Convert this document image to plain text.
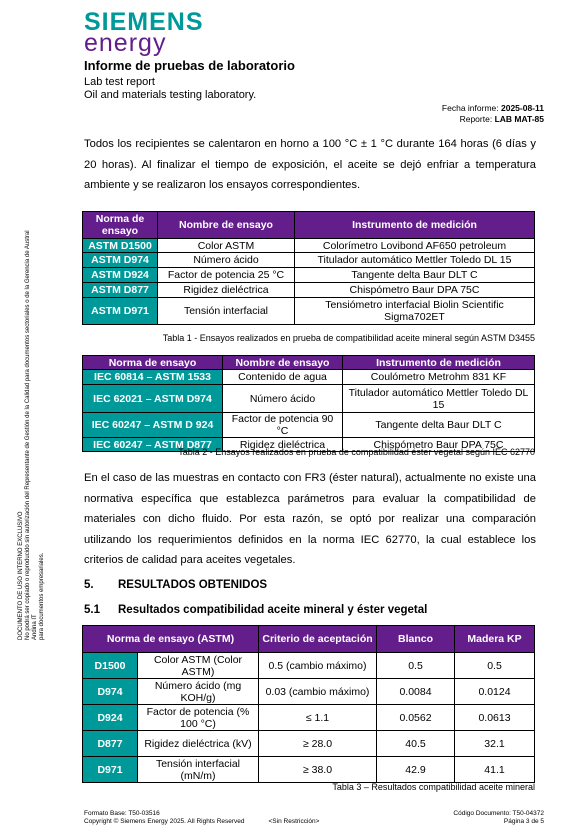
SIEMENS
energy
Informe de pruebas de laboratorio
Lab test report
Oil and materials testing laboratory.
Fecha informe: 2025-08-11
Reporte: LAB MAT-85
Todos los recipientes se calentaron en horno a 100 °C ± 1 °C durante 164 horas (6 días y 20 horas). Al finalizar el tiempo de exposición, el aceite se dejó enfriar a temperatura ambiente y se realizaron los ensayos correspondientes.
Norma de ensayo	Nombre de ensayo	Instrumento de medición
ASTM D1500	Color ASTM	Colorímetro Lovibond AF650 petroleum
ASTM D974	Número ácido	Titulador automático Mettler Toledo DL 15
ASTM D924	Factor de potencia 25 °C	Tangente delta Baur DLT C
ASTM D877	Rigidez dieléctrica	Chispómetro Baur DPA 75C
ASTM D971	Tensión interfacial	Tensiómetro interfacial Biolin Scientific Sigma702ET
Tabla 1 - Ensayos realizados en prueba de compatibilidad aceite mineral según ASTM D3455
Norma de ensayo	Nombre de ensayo	Instrumento de medición
IEC 60814 – ASTM 1533	Contenido de agua	Coulómetro Metrohm 831 KF
IEC 62021 – ASTM D974	Número ácido	Titulador automático Mettler Toledo DL 15
IEC 60247 – ASTM D 924	Factor de potencia 90 °C	Tangente delta Baur DLT C
IEC 60247 – ASTM D877	Rigidez dieléctrica	Chispómetro Baur DPA 75C
Tabla 2 - Ensayos realizados en prueba de compatibilidad éster vegetal según IEC 62770
En el caso de las muestras en contacto con FR3 (éster natural), actualmente no existe una normativa específica que establezca parámetros para evaluar la compatibilidad de materiales con dicho fluido. Por esta razón, se optó por realizar una comparación utilizando los requerimientos definidos en la norma IEC 62770, la cual establece los criterios de calidad para aceites vegetales.
5. RESULTADOS OBTENIDOS
5.1 Resultados compatibilidad aceite mineral y éster vegetal
Norma de ensayo (ASTM)		Criterio de aceptación	Blanco	Madera KP
D1500	Color ASTM (Color ASTM)	0.5 (cambio máximo)	0.5	0.5
D974	Número ácido (mg KOH/g)	0.03 (cambio máximo)	0.0084	0.0124
D924	Factor de potencia (% 100 °C)	≤ 1.1	0.0562	0.0613
D877	Rigidez dieléctrica (kV)	≥ 28.0	40.5	32.1
D971	Tensión interfacial (mN/m)	≥ 38.0	42.9	41.1
Tabla 3 – Resultados compatibilidad aceite mineral
DOCUMENTO DE USO INTERNO EXCLUSIVO No podrá ser copiado o reproducido sin autorización del Representante de Gestión de la Calidad para documentos sectoriales o de la Gerencia de Austral Andina IT para documentos empresariales.
Formato Base: T50-03516
Copyright © Siemens Energy 2025. All Rights Reserved	<Sin Restricción>
Código Documento: T50-04372
Página 3 de 5
